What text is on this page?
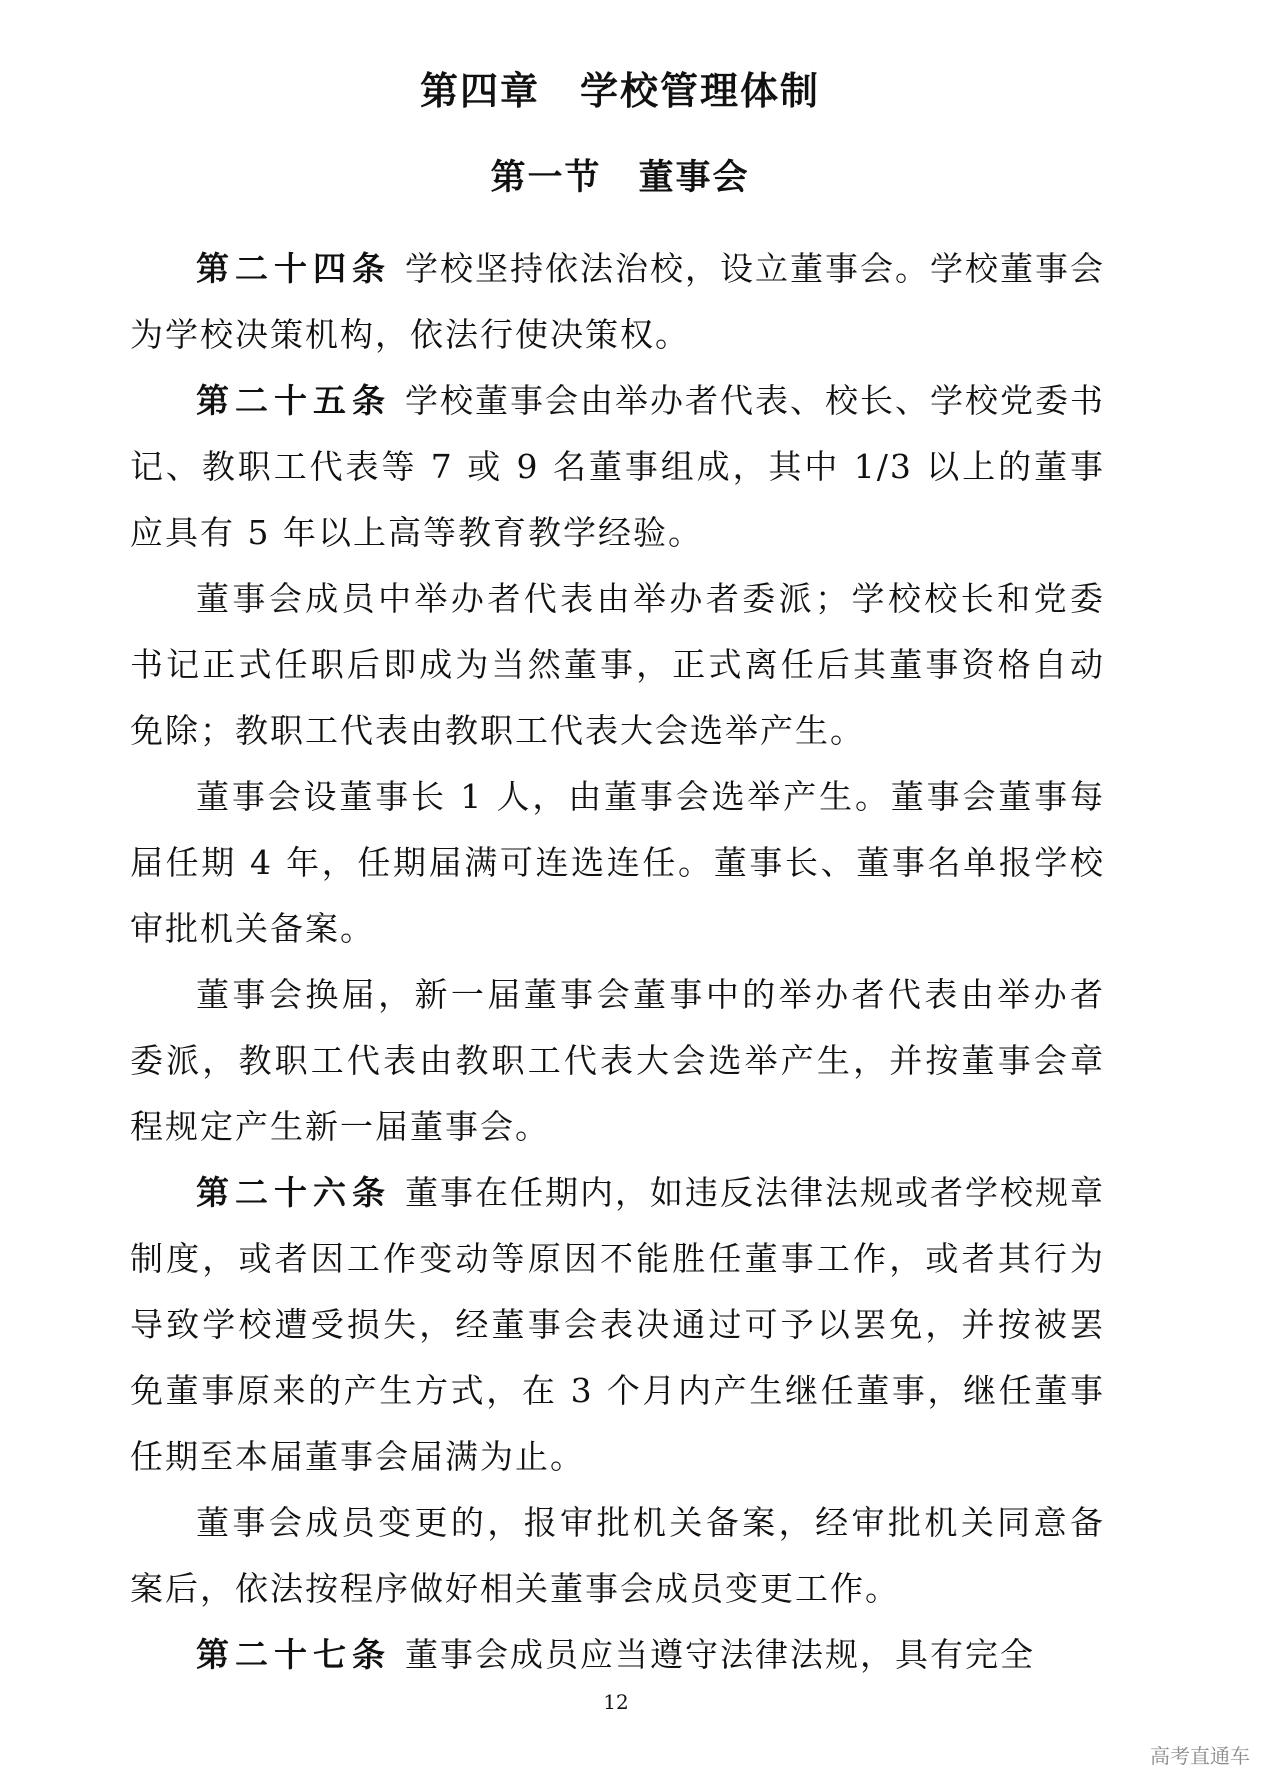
第四章　学校管理体制
第一节　董事会

第二十四条 学校坚持依法治校，设立董事会。学校董事会为学校决策机构，依法行使决策权。

第二十五条 学校董事会由举办者代表、校长、学校党委书记、教职工代表等 7 或 9 名董事组成，其中 1/3 以上的董事应具有 5 年以上高等教育教学经验。

董事会成员中举办者代表由举办者委派；学校校长和党委书记正式任职后即成为当然董事，正式离任后其董事资格自动免除；教职工代表由教职工代表大会选举产生。

董事会设董事长 1 人，由董事会选举产生。董事会董事每届任期 4 年，任期届满可连选连任。董事长、董事名单报学校审批机关备案。

董事会换届，新一届董事会董事中的举办者代表由举办者委派，教职工代表由教职工代表大会选举产生，并按董事会章程规定产生新一届董事会。

第二十六条 董事在任期内，如违反法律法规或者学校规章制度，或者因工作变动等原因不能胜任董事工作，或者其行为导致学校遭受损失，经董事会表决通过可予以罢免，并按被罢免董事原来的产生方式，在 3 个月内产生继任董事，继任董事任期至本届董事会届满为止。

董事会成员变更的，报审批机关备案，经审批机关同意备案后，依法按程序做好相关董事会成员变更工作。

第二十七条 董事会成员应当遵守法律法规，具有完全

12
高考直通车
